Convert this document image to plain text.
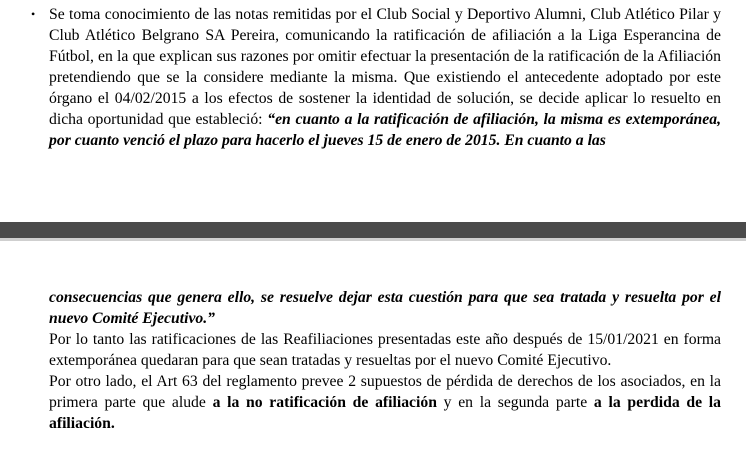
• Se toma conocimiento de las notas remitidas por el Club Social y Deportivo Alumni, Club Atlético Pilar y Club Atlético Belgrano SA Pereira, comunicando la ratificación de afiliación a la Liga Esperancina de Fútbol, en la que explican sus razones por omitir efectuar la presentación de la ratificación de la Afiliación pretendiendo que se la considere mediante la misma. Que existiendo el antecedente adoptado por este órgano el 04/02/2015 a los efectos de sostener la identidad de solución, se decide aplicar lo resuelto en dicha oportunidad que estableció: “en cuanto a la ratificación de afiliación, la misma es extemporánea, por cuanto venció el plazo para hacerlo el jueves 15 de enero de 2015. En cuanto a las
consecuencias que genera ello, se resuelve dejar esta cuestión para que sea tratada y resuelta por el nuevo Comité Ejecutivo.”
Por lo tanto las ratificaciones de las Reafiliaciones presentadas este año después de 15/01/2021 en forma extemporánea quedaran para que sean tratadas y resueltas por el nuevo Comité Ejecutivo.
Por otro lado, el Art 63 del reglamento prevee 2 supuestos de pérdida de derechos de los asociados, en la primera parte que alude a la no ratificación de afiliación y en la segunda parte a la perdida de la afiliación.
